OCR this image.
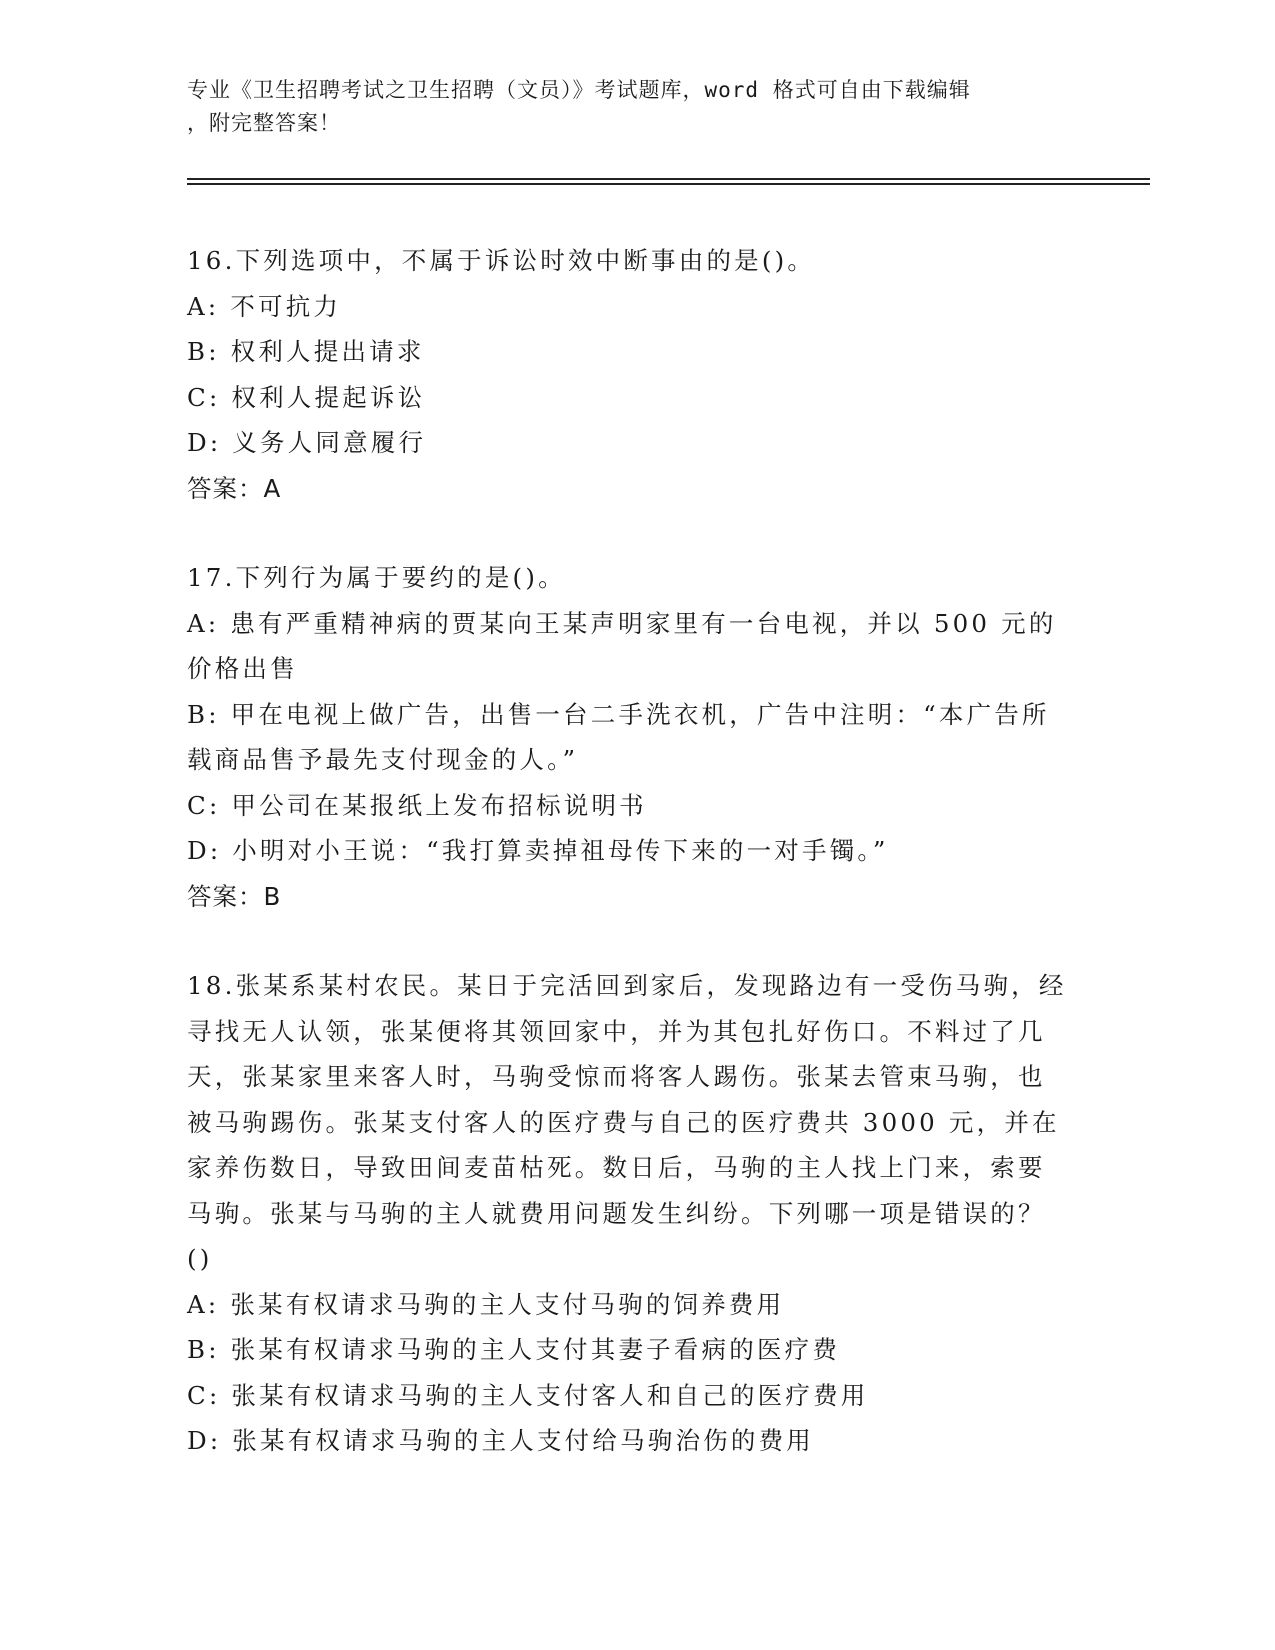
专业《卫生招聘考试之卫生招聘（文员）》考试题库，word 格式可自由下载编辑
，附完整答案！
16.下列选项中，不属于诉讼时效中断事由的是()。
A: 不可抗力
B: 权利人提出请求
C: 权利人提起诉讼
D: 义务人同意履行
答案：A
17.下列行为属于要约的是()。
A: 患有严重精神病的贾某向王某声明家里有一台电视，并以 500 元的价格出售
B: 甲在电视上做广告，出售一台二手洗衣机，广告中注明：“本广告所载商品售予最先支付现金的人。”
C: 甲公司在某报纸上发布招标说明书
D: 小明对小王说：“我打算卖掉祖母传下来的一对手镯。”
答案：B
18.张某系某村农民。某日于完活回到家后，发现路边有一受伤马驹，经寻找无人认领，张某便将其领回家中，并为其包扎好伤口。不料过了几天，张某家里来客人时，马驹受惊而将客人踢伤。张某去管束马驹，也被马驹踢伤。张某支付客人的医疗费与自己的医疗费共 3000 元，并在家养伤数日，导致田间麦苗枯死。数日后，马驹的主人找上门来，索要马驹。张某与马驹的主人就费用问题发生纠纷。下列哪一项是错误的？()
A: 张某有权请求马驹的主人支付马驹的饲养费用
B: 张某有权请求马驹的主人支付其妻子看病的医疗费
C: 张某有权请求马驹的主人支付客人和自己的医疗费用
D: 张某有权请求马驹的主人支付给马驹治伤的费用
